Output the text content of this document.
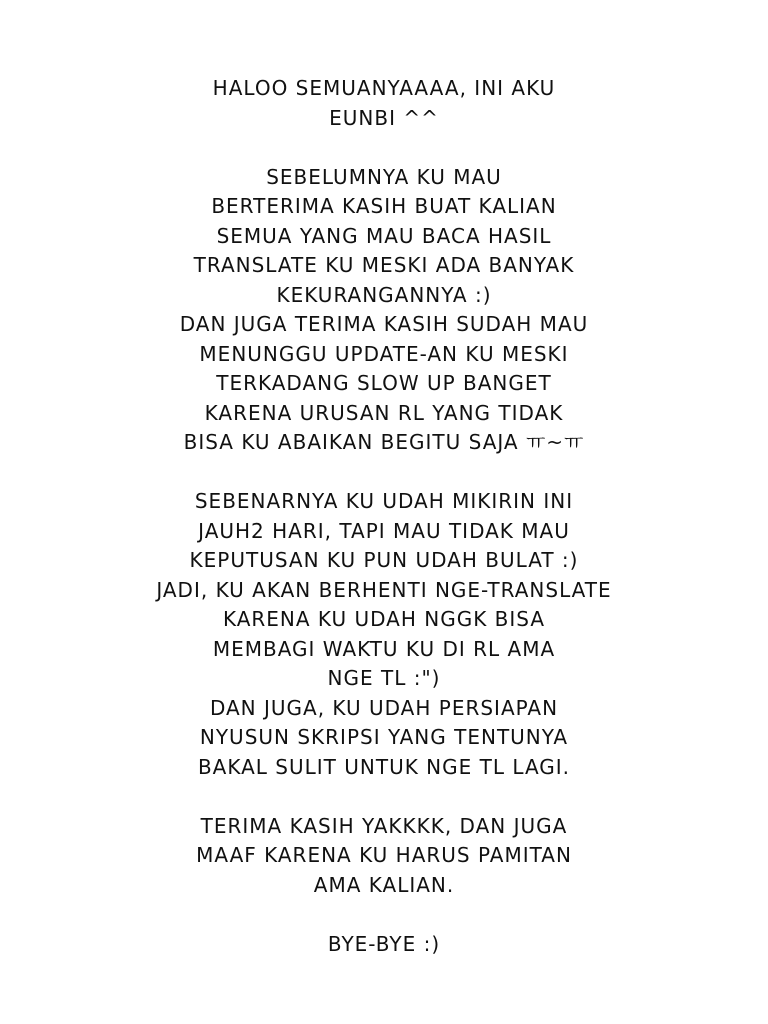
HALOO SEMUANYAAAA, INI AKU
EUNBI ^^

SEBELUMNYA KU MAU
BERTERIMA KASIH BUAT KALIAN
SEMUA YANG MAU BACA HASIL
TRANSLATE KU MESKI ADA BANYAK
KEKURANGANNYA :)
DAN JUGA TERIMA KASIH SUDAH MAU
MENUNGGU UPDATE-AN KU MESKI
TERKADANG SLOW UP BANGET
KARENA URUSAN RL YANG TIDAK
BISA KU ABAIKAN BEGITU SAJA ㅠ~ㅠ

SEBENARNYA KU UDAH MIKIRIN INI
JAUH2 HARI, TAPI MAU TIDAK MAU
KEPUTUSAN KU PUN UDAH BULAT :)
JADI, KU AKAN BERHENTI NGE-TRANSLATE
KARENA KU UDAH NGGK BISA
MEMBAGI WAKTU KU DI RL AMA
NGE TL :")
DAN JUGA, KU UDAH PERSIAPAN
NYUSUN SKRIPSI YANG TENTUNYA
BAKAL SULIT UNTUK NGE TL LAGI.

TERIMA KASIH YAKKKK, DAN JUGA
MAAF KARENA KU HARUS PAMITAN
AMA KALIAN.

BYE-BYE :)
